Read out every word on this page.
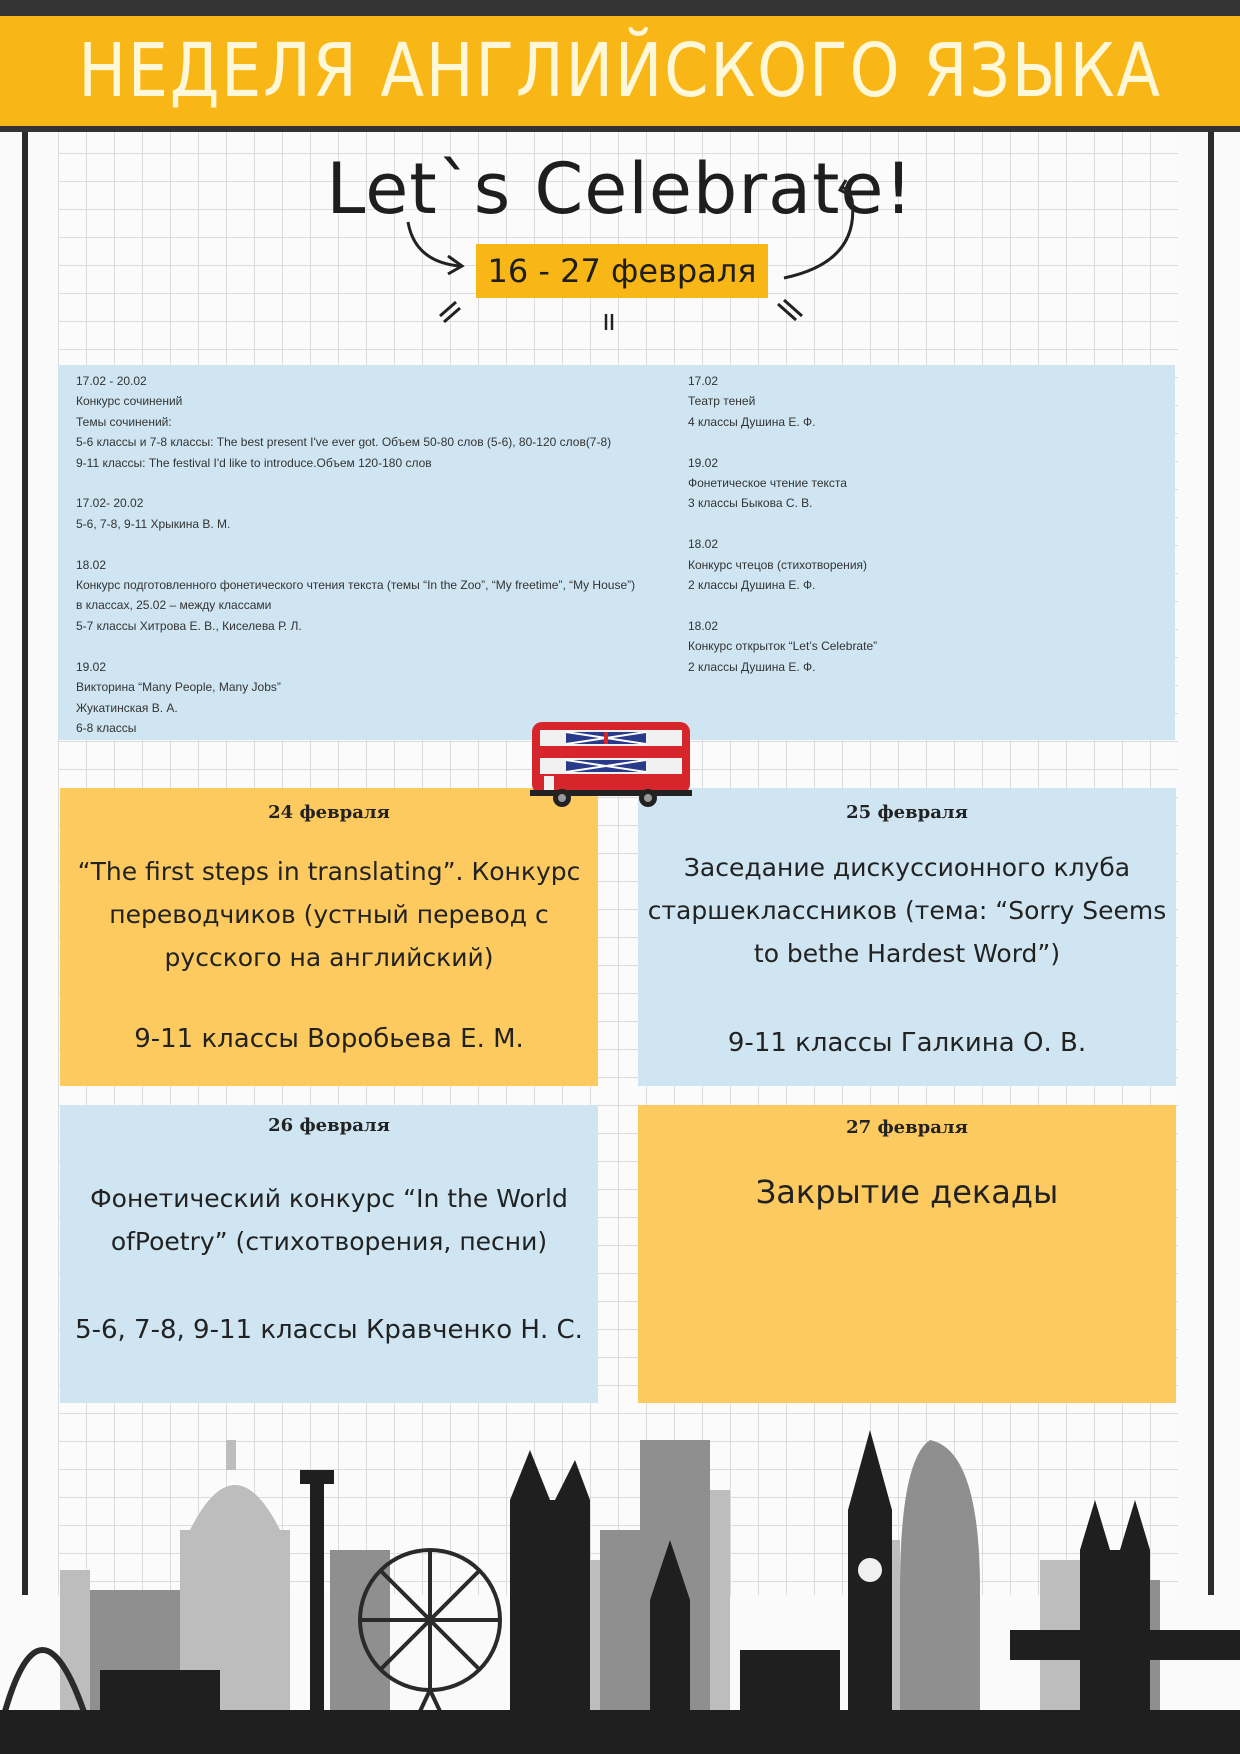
НЕДЕЛЯ АНГЛИЙСКОГО ЯЗЫКА
Let`s Celebrate!
16 - 27 февраля
17.02 - 20.02
Конкурс сочинений
Темы сочинений:
5-6 классы и 7-8 классы: The best present I've ever got. Объем 50-80 слов (5-6), 80-120 слов(7-8)
9-11 классы: The festival I'd like to introduce.Объем 120-180 слов

17.02- 20.02
5-6, 7-8, 9-11 Хрыкина В. М.

18.02
Конкурс подготовленного фонетического чтения текста (темы “In the Zoo”, “My freetime”, “My House”)
в классах, 25.02 – между классами
5-7 классы Хитрова Е. В., Киселева Р. Л.

19.02
Викторина “Many People, Many Jobs”
Жукатинская В. А.
6-8 классы
17.02
Театр теней
4 классы Душина Е. Ф.

19.02
Фонетическое чтение текста
3 классы Быкова С. В.

18.02
Конкурс чтецов (стихотворения)
2 классы Душина Е. Ф.

18.02
Конкурс открыток “Let’s Celebrate”
2 классы Душина Е. Ф.
24 февраля
“The first steps in translating”. Конкурс переводчиков (устный перевод с русского на английский)
9-11 классы Воробьева Е. М.
25 февраля
Заседание дискуссионного клуба старшеклассников (тема: “Sorry Seems to bethe Hardest Word”)
9-11 классы Галкина О. В.
26 февраля
Фонетический конкурс “In the World ofPoetry” (стихотворения, песни)
5-6, 7-8, 9-11 классы Кравченко Н. С.
27 февраля
Закрытие декады
